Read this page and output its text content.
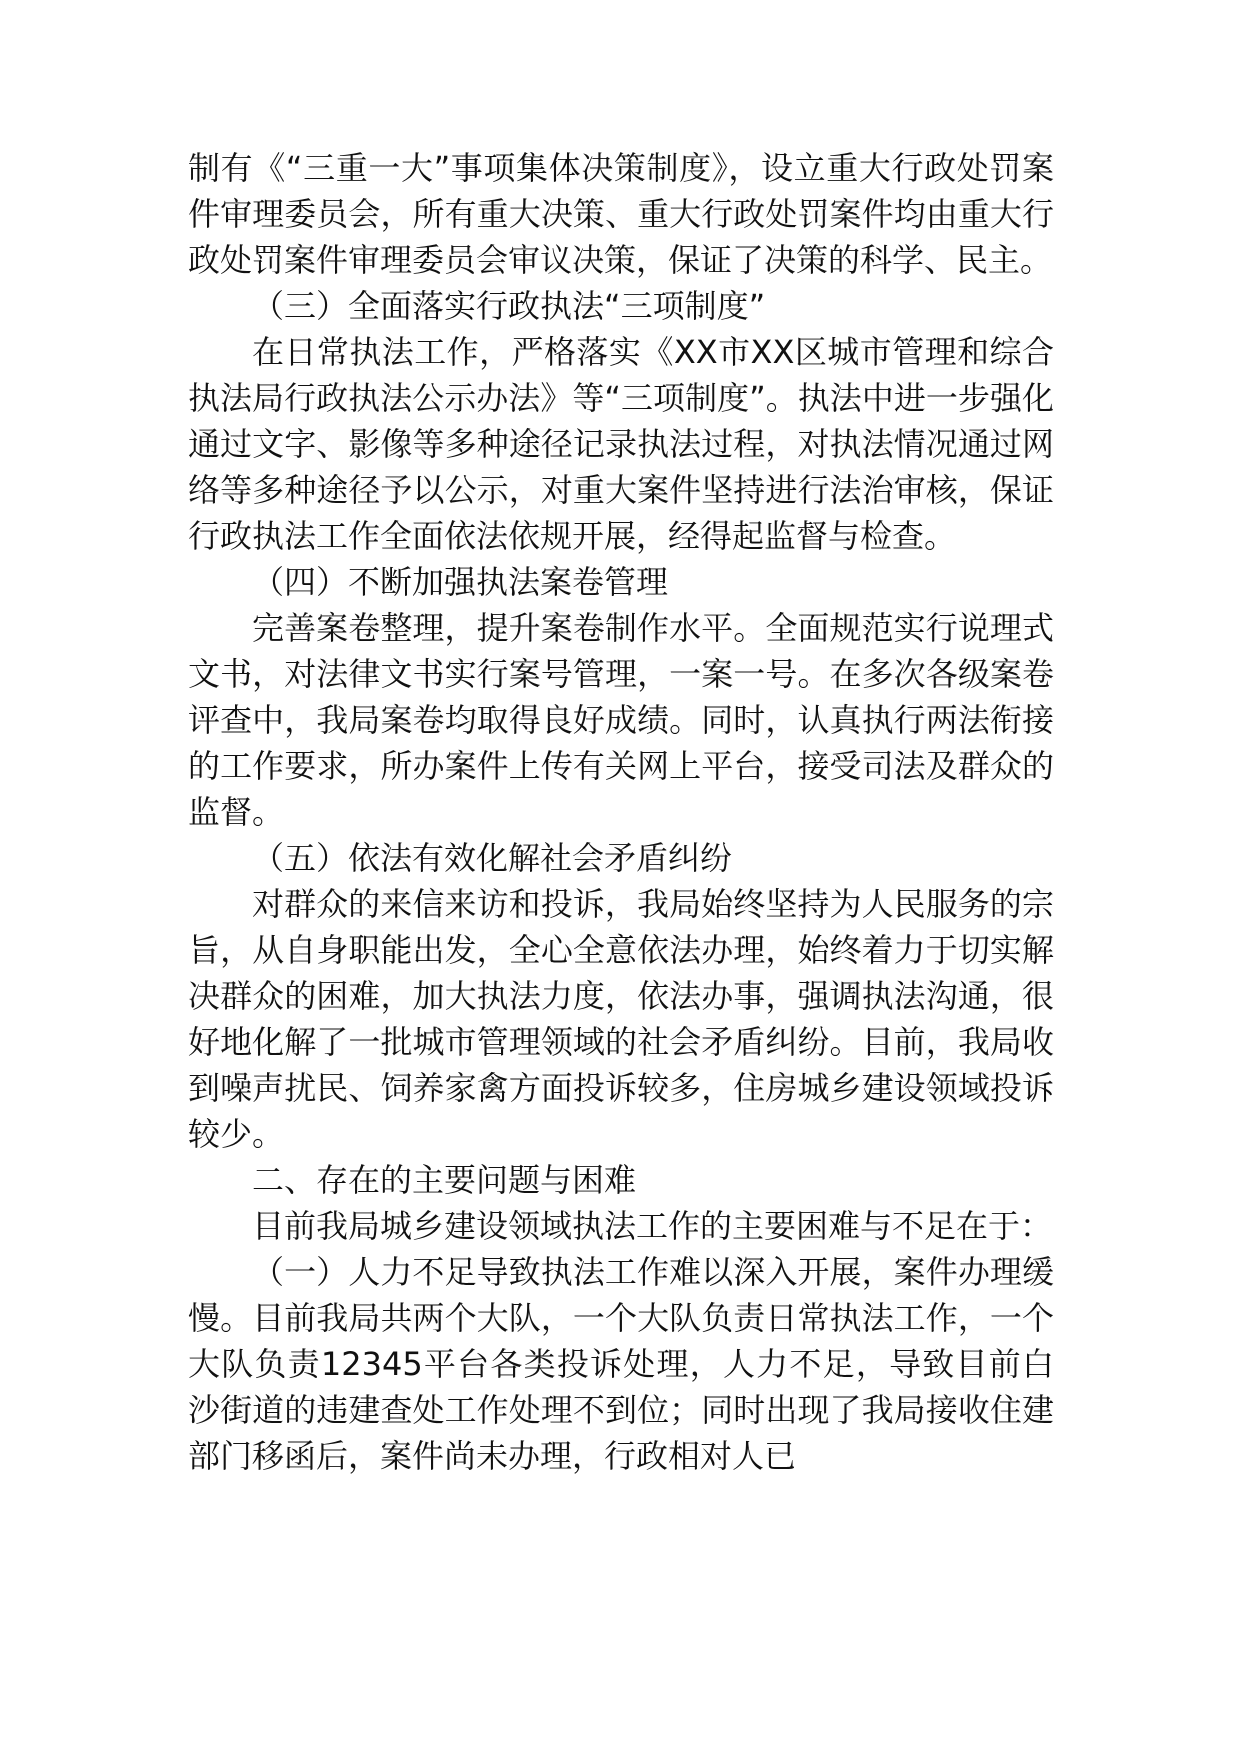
制有《“三重一大”事项集体决策制度》，设立重大行政处罚案件审理委员会，所有重大决策、重大行政处罚案件均由重大行政处罚案件审理委员会审议决策，保证了决策的科学、民主。

（三）全面落实行政执法“三项制度”

在日常执法工作，严格落实《XX市XX区城市管理和综合执法局行政执法公示办法》等“三项制度”。执法中进一步强化通过文字、影像等多种途径记录执法过程，对执法情况通过网络等多种途径予以公示，对重大案件坚持进行法治审核，保证行政执法工作全面依法依规开展，经得起监督与检查。

（四）不断加强执法案卷管理

完善案卷整理，提升案卷制作水平。全面规范实行说理式文书，对法律文书实行案号管理，一案一号。在多次各级案卷评查中，我局案卷均取得良好成绩。同时，认真执行两法衔接的工作要求，所办案件上传有关网上平台，接受司法及群众的监督。

（五）依法有效化解社会矛盾纠纷

对群众的来信来访和投诉，我局始终坚持为人民服务的宗旨，从自身职能出发，全心全意依法办理，始终着力于切实解决群众的困难，加大执法力度，依法办事，强调执法沟通，很好地化解了一批城市管理领域的社会矛盾纠纷。目前，我局收到噪声扰民、饲养家禽方面投诉较多，住房城乡建设领域投诉较少。

二、存在的主要问题与困难

目前我局城乡建设领域执法工作的主要困难与不足在于：

（一）人力不足导致执法工作难以深入开展，案件办理缓慢。目前我局共两个大队，一个大队负责日常执法工作，一个大队负责12345平台各类投诉处理，人力不足，导致目前白沙街道的违建查处工作处理不到位；同时出现了我局接收住建部门移函后，案件尚未办理，行政相对人已
